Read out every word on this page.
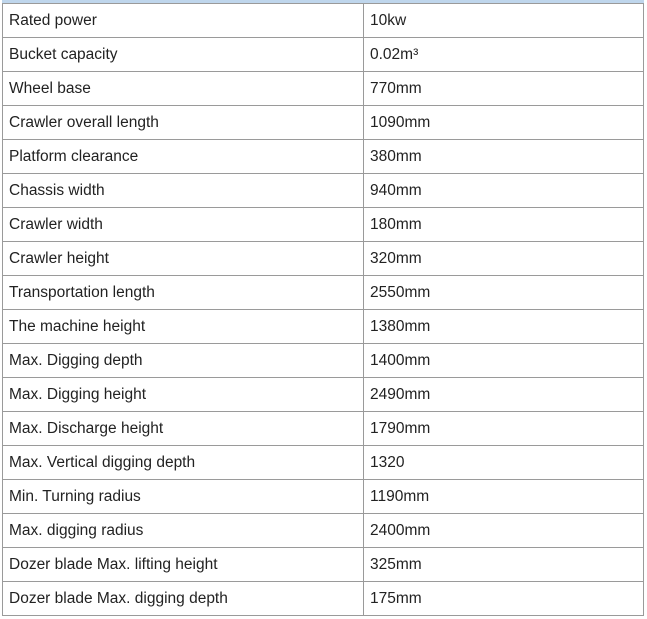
Rated power	10kw
Bucket capacity	0.02m³
Wheel base	770mm
Crawler overall length	1090mm
Platform clearance	380mm
Chassis width	940mm
Crawler width	180mm
Crawler height	320mm
Transportation length	2550mm
The machine height	1380mm
Max. Digging depth	1400mm
Max. Digging height	2490mm
Max. Discharge height	1790mm
Max. Vertical digging depth	1320
Min. Turning radius	1190mm
Max. digging radius	2400mm
Dozer blade Max. lifting height	325mm
Dozer blade Max. digging depth	175mm
